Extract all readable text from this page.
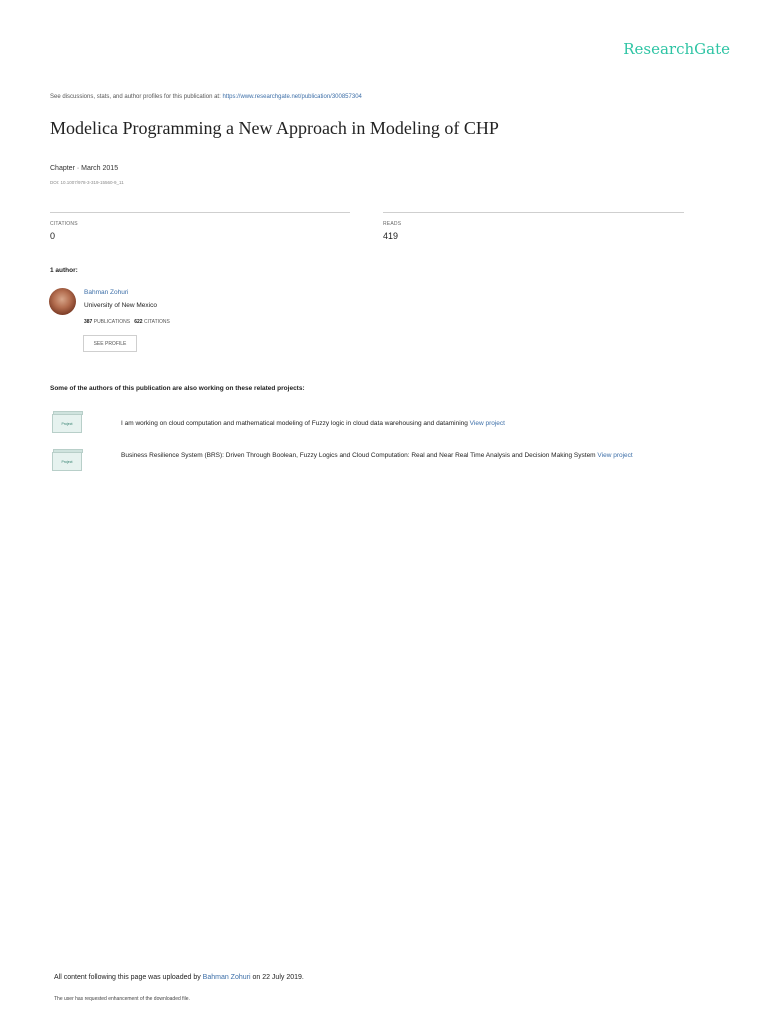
ResearchGate
See discussions, stats, and author profiles for this publication at: https://www.researchgate.net/publication/300857304
Modelica Programming a New Approach in Modeling of CHP
Chapter · March 2015
DOI: 10.1007/978-3-319-15560-9_11
CITATIONS
0
READS
419
1 author:
Bahman Zohuri
University of New Mexico
387 PUBLICATIONS 622 CITATIONS
SEE PROFILE
Some of the authors of this publication are also working on these related projects:
Project	I am working on cloud computation and mathematical modeling of Fuzzy logic in cloud data warehousing and datamining View project
Project
Business Resilience System (BRS): Driven Through Boolean, Fuzzy Logics and Cloud Computation: Real and Near Real Time Analysis and Decision Making System View project
All content following this page was uploaded by Bahman Zohuri on 22 July 2019.
The user has requested enhancement of the downloaded file.
